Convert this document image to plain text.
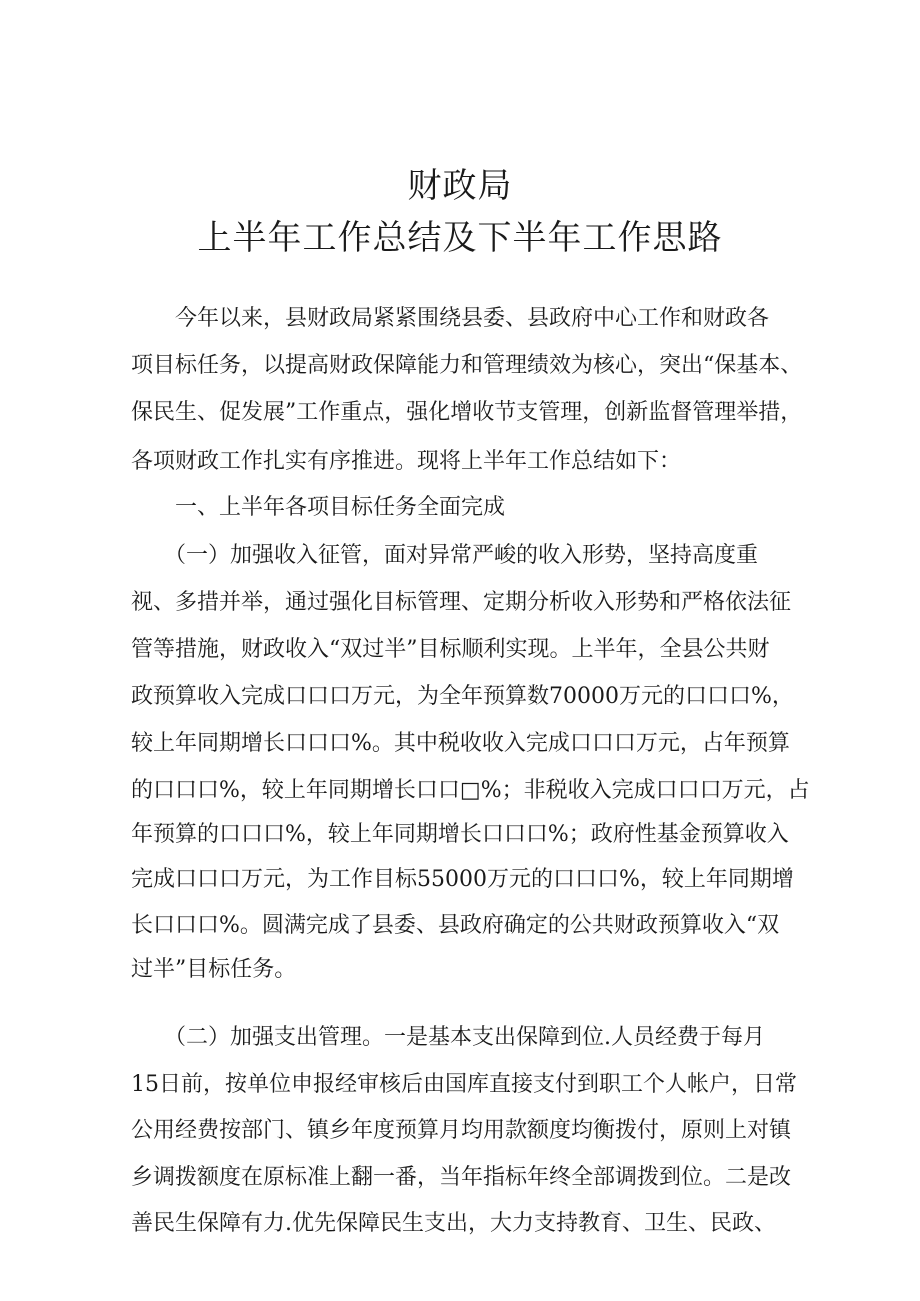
财政局
上半年工作总结及下半年工作思路
　　今年以来，县财政局紧紧围绕县委、县政府中心工作和财政各
项目标任务，以提高财政保障能力和管理绩效为核心，突出“保基本、
保民生、促发展”工作重点，强化增收节支管理，创新监督管理举措，
各项财政工作扎实有序推进。现将上半年工作总结如下：
　　一、上半年各项目标任务全面完成
　　（一）加强收入征管，面对异常严峻的收入形势，坚持高度重
视、多措并举，通过强化目标管理、定期分析收入形势和严格依法征
管等措施，财政收入“双过半”目标顺利实现。上半年，全县公共财
政预算收入完成口口口万元，为全年预算数70000万元的口口口%，
较上年同期增长口口口%。其中税收收入完成口口口万元，占年预算
的口口口%，较上年同期增长口口□%；非税收入完成口口口万元，占
年预算的口口口%，较上年同期增长口口口%；政府性基金预算收入
完成口口口万元，为工作目标55000万元的口口口%，较上年同期增
长口口口%。圆满完成了县委、县政府确定的公共财政预算收入“双
过半”目标任务。
　　（二）加强支出管理。一是基本支出保障到位.人员经费于每月
15日前，按单位申报经审核后由国库直接支付到职工个人帐户，日常
公用经费按部门、镇乡年度预算月均用款额度均衡拨付，原则上对镇
乡调拨额度在原标准上翻一番，当年指标年终全部调拨到位。二是改
善民生保障有力.优先保障民生支出，大力支持教育、卫生、民政、
